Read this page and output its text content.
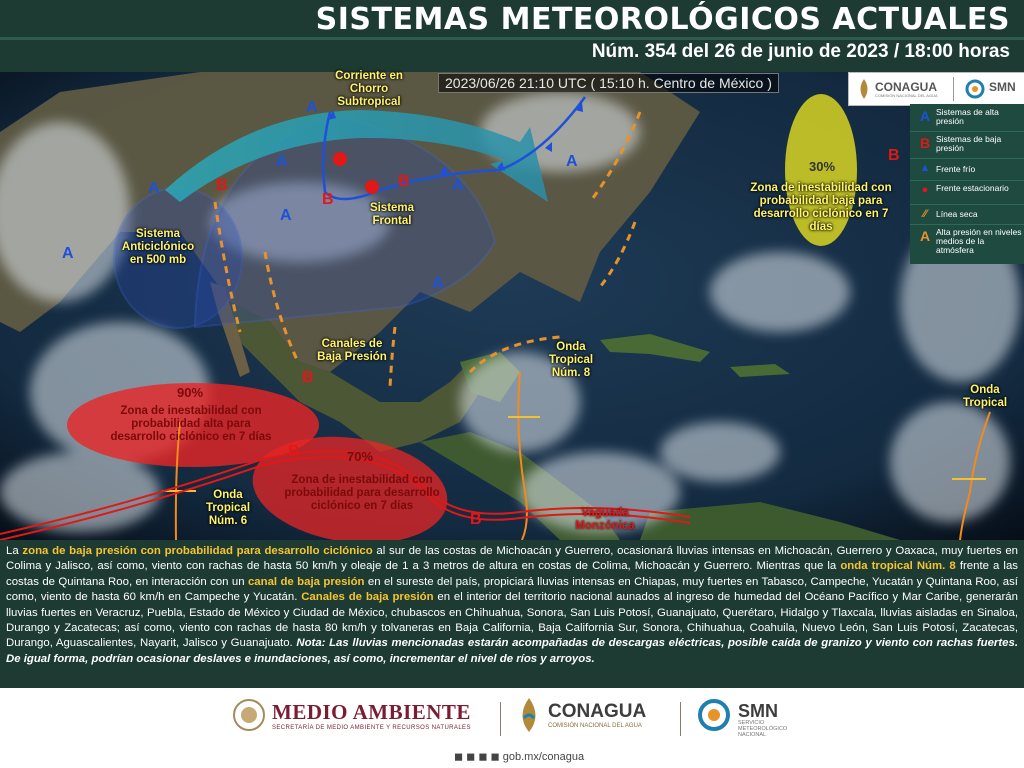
SISTEMAS METEOROLÓGICOS ACTUALES
Núm. 354 del 26 de junio de 2023 / 18:00 horas
A
A
A
A
A
A
A
A
B
B
B
B
B
B
B
2023/06/26 21:10 UTC ( 15:10 h. Centro de México )	CONAGUA
COMISIÓN NACIONAL DEL AGUA
SMN
A Sistemas de alta presión
B Sistemas de baja presión
▲ Frente frío
● Frente estacionario
⁄⁄	Línea seca
A Alta presión en niveles medios de la atmósfera
Corriente en Chorro Subtropical
Sistema Anticiclónico en 500 mb
Sistema Frontal
Canales de Baja Presión
Onda Tropical Núm. 8
Onda Tropical Núm. 6
Onda Tropical
Vaguada Monzónica
30%
Zona de inestabilidad con probabilidad baja para desarrollo ciclónico en 7 días
90%
Zona de inestabilidad con probabilidad alta para desarrollo ciclónico en 7 días
70%
Zona de inestabilidad con probabilidad para desarrollo ciclónico en 7 días
La zona de baja presión con probabilidad para desarrollo ciclónico al sur de las costas de Michoacán y Guerrero, ocasionará lluvias intensas en Michoacán, Guerrero y Oaxaca, muy fuertes en Colima y Jalisco, así como, viento con rachas de hasta 50 km/h y oleaje de 1 a 3 metros de altura en costas de Colima, Michoacán y Guerrero. Mientras que la onda tropical Núm. 8 frente a las costas de Quintana Roo, en interacción con un canal de baja presión en el sureste del país, propiciará lluvias intensas en Chiapas, muy fuertes en Tabasco, Campeche, Yucatán y Quintana Roo, así como, viento de hasta 60 km/h en Campeche y Yucatán. Canales de baja presión en el interior del territorio nacional aunados al ingreso de humedad del Océano Pacífico y Mar Caribe, generarán lluvias fuertes en Veracruz, Puebla, Estado de México y Ciudad de México, chubascos en Chihuahua, Sonora, San Luis Potosí, Guanajuato, Querétaro, Hidalgo y Tlaxcala, lluvias aisladas en Sinaloa, Durango y Zacatecas; así como, viento con rachas de hasta 80 km/h y tolvaneras en Baja California, Baja California Sur, Sonora, Chihuahua, Coahuila, Nuevo León, San Luis Potosí, Zacatecas, Durango, Aguascalientes, Nayarit, Jalisco y Guanajuato. Nota: Las lluvias mencionadas estarán acompañadas de descargas eléctricas, posible caída de granizo y viento con rachas fuertes. De igual forma, podrían ocasionar deslaves e inundaciones, así como, incrementar el nivel de ríos y arroyos.
MEDIO AMBIENTE
SECRETARÍA DE MEDIO AMBIENTE Y RECURSOS NATURALES
CONAGUA
COMISIÓN NACIONAL DEL AGUA
SMN
SERVICIO METEOROLÓGICO NACIONAL
◼ ◼ ◼ ◼ gob.mx/conagua
